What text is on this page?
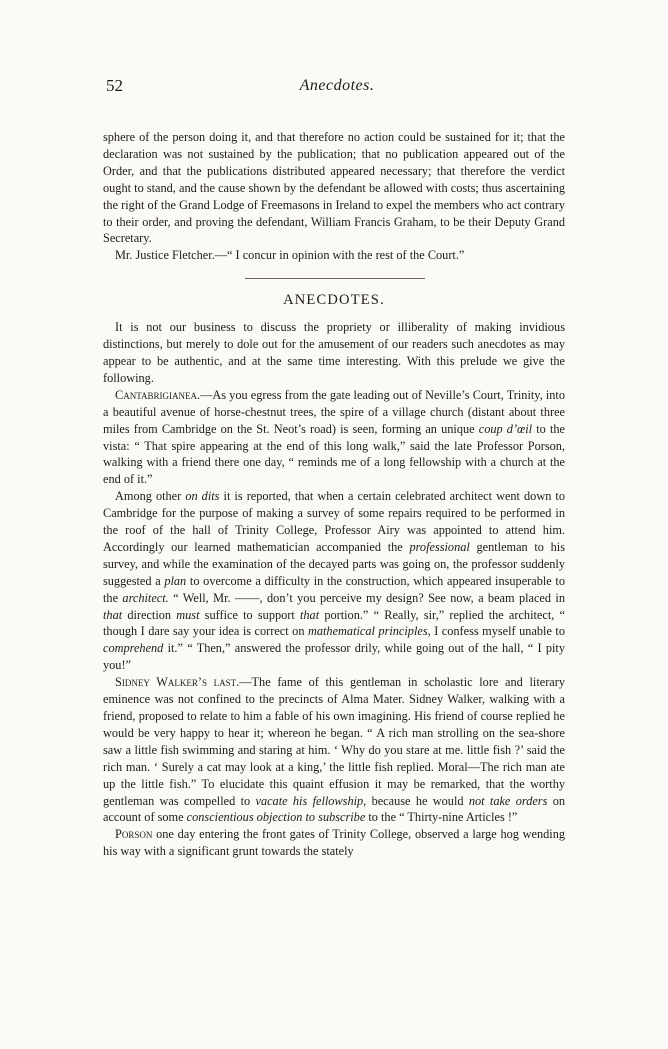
52	Anecdotes.

sphere of the person doing it, and that therefore no action could be sustained for it; that the declaration was not sustained by the publication; that no publication appeared out of the Order, and that the publications distributed appeared necessary; that therefore the verdict ought to stand, and the cause shown by the defendant be allowed with costs; thus ascertaining the right of the Grand Lodge of Freemasons in Ireland to expel the members who act contrary to their order, and proving the defendant, William Francis Graham, to be their Deputy Grand Secretary.

Mr. Justice Fletcher.—“ I concur in opinion with the rest of the Court.”

ANECDOTES.

It is not our business to discuss the propriety or illiberality of making invidious distinctions, but merely to dole out for the amusement of our readers such anecdotes as may appear to be authentic, and at the same time interesting. With this prelude we give the following.

Cantabrigianea.—As you egress from the gate leading out of Neville’s Court, Trinity, into a beautiful avenue of horse-chestnut trees, the spire of a village church (distant about three miles from Cambridge on the St. Neot’s road) is seen, forming an unique coup d’œil to the vista: “ That spire appearing at the end of this long walk,” said the late Professor Porson, walking with a friend there one day, “ reminds me of a long fellowship with a church at the end of it.”

Among other on dits it is reported, that when a certain celebrated architect went down to Cambridge for the purpose of making a survey of some repairs required to be performed in the roof of the hall of Trinity College, Professor Airy was appointed to attend him. Accordingly our learned mathematician accompanied the professional gentleman to his survey, and while the examination of the decayed parts was going on, the professor suddenly suggested a plan to overcome a difficulty in the construction, which appeared insuperable to the architect. “ Well, Mr. ——, don’t you perceive my design? See now, a beam placed in that direction must suffice to support that portion.” “ Really, sir,” replied the architect, “ though I dare say your idea is correct on mathematical principles, I confess myself unable to comprehend it.” “ Then,” answered the professor drily, while going out of the hall, “ I pity you!”

Sidney Walker’s last.—The fame of this gentleman in scholastic lore and literary eminence was not confined to the precincts of Alma Mater. Sidney Walker, walking with a friend, proposed to relate to him a fable of his own imagining. His friend of course replied he would be very happy to hear it; whereon he began. “ A rich man strolling on the sea-shore saw a little fish swimming and staring at him. ‘ Why do you stare at me. little fish ?’ said the rich man. ‘ Surely a cat may look at a king,’ the little fish replied. Moral—The rich man ate up the little fish.” To elucidate this quaint effusion it may be remarked, that the worthy gentleman was compelled to vacate his fellowship, because he would not take orders on account of some conscientious objection to subscribe to the “ Thirty-nine Articles !”

Porson one day entering the front gates of Trinity College, observed a large hog wending his way with a significant grunt towards the stately
